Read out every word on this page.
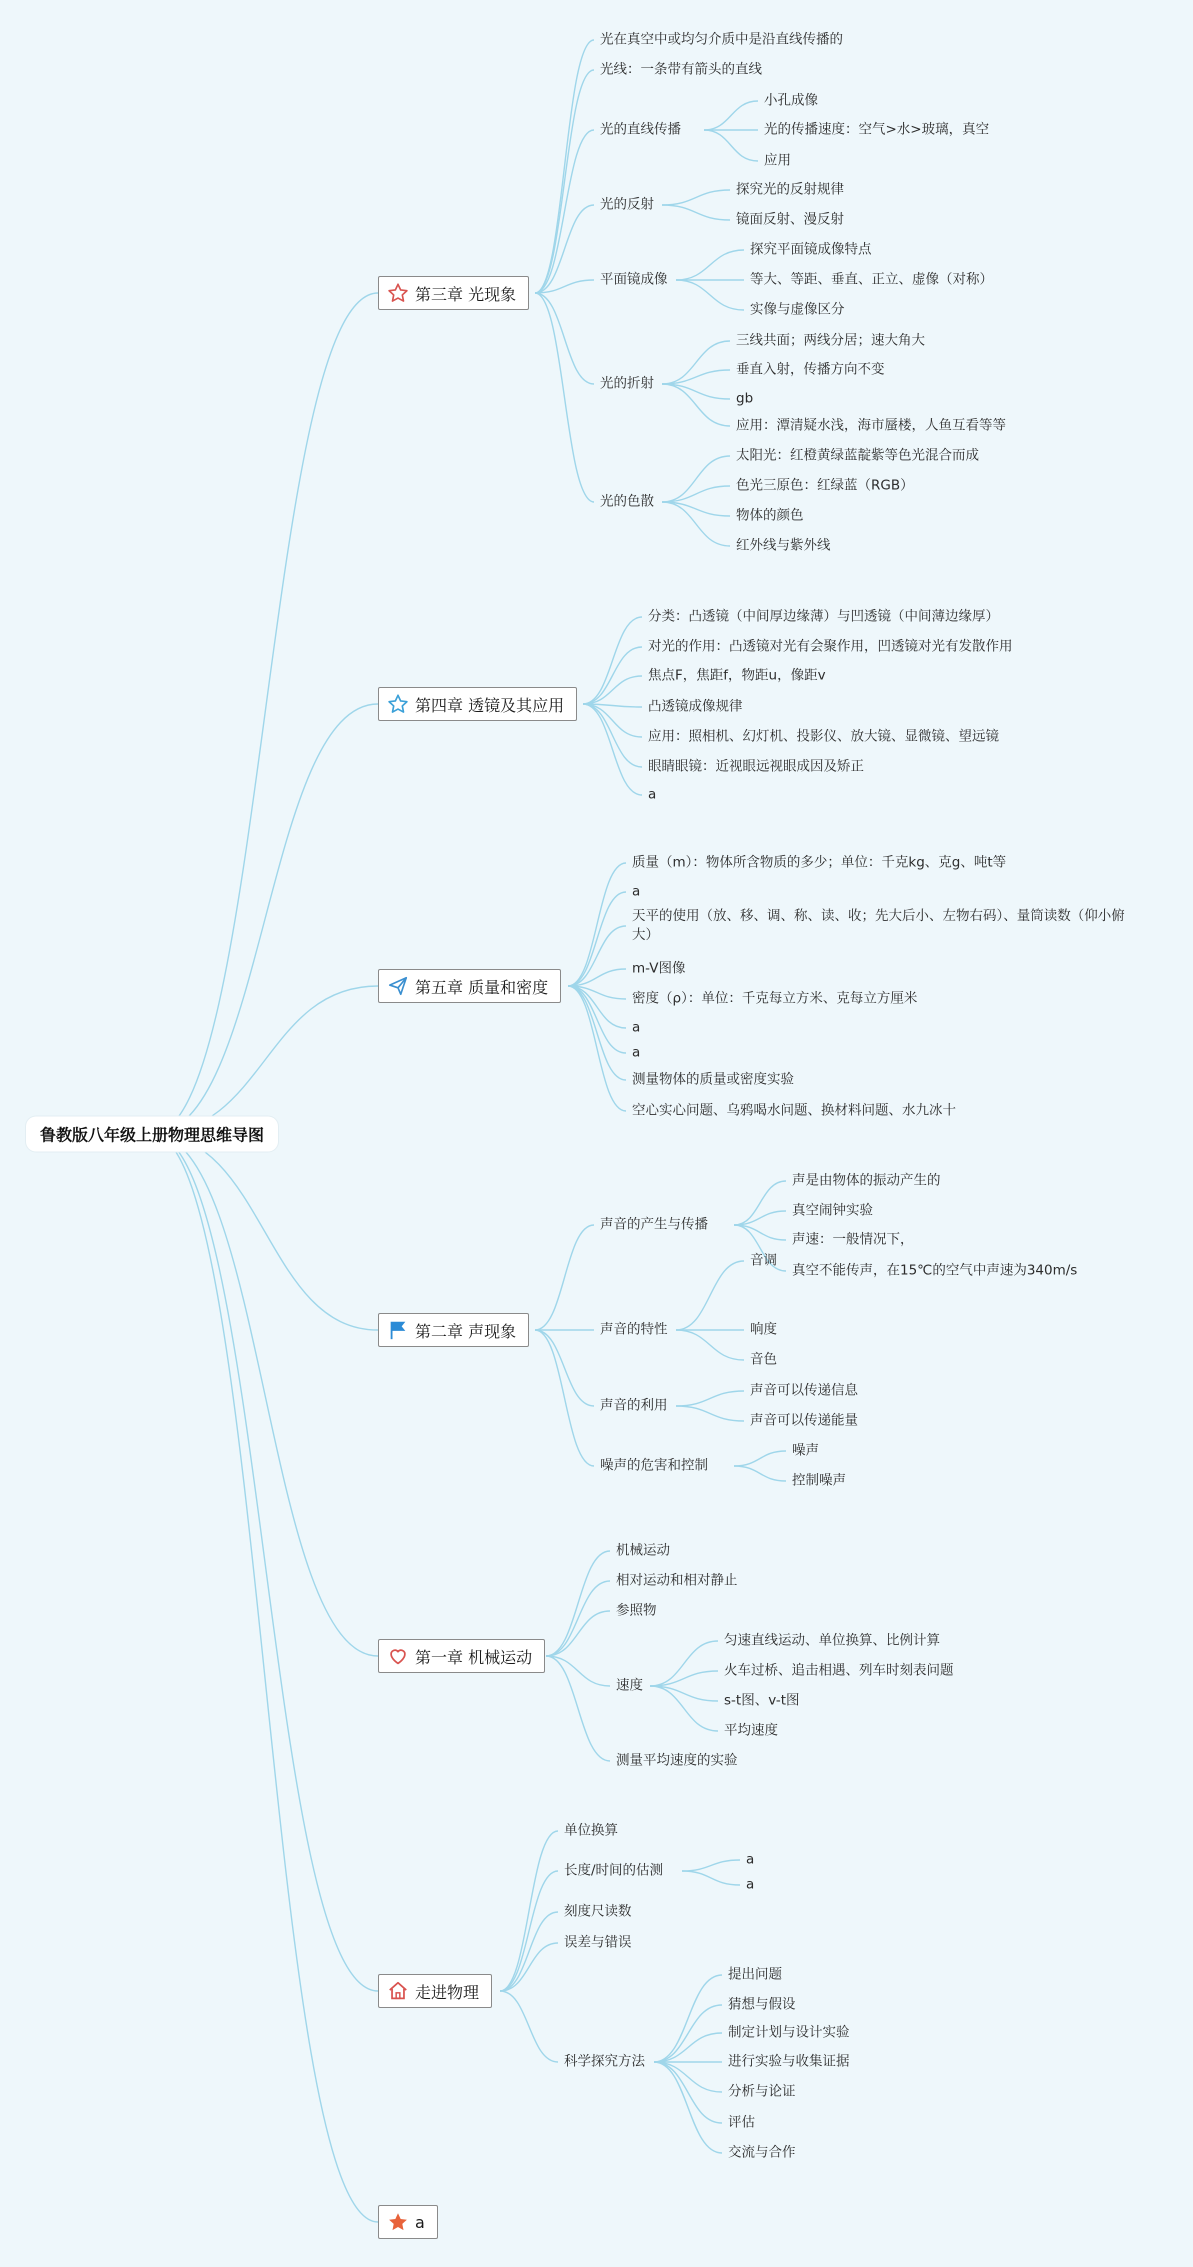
鲁教版八年级上册物理思维导图
第三章 光现象
光在真空中或均匀介质中是沿直线传播的
光线：一条带有箭头的直线
光的直线传播
小孔成像
光的传播速度：空气>水>玻璃，真空
应用
光的反射
探究光的反射规律
镜面反射、漫反射
平面镜成像
探究平面镜成像特点
等大、等距、垂直、正立、虚像（对称）
实像与虚像区分
光的折射
三线共面；两线分居；速大角大
垂直入射，传播方向不变
gb
应用：潭清疑水浅，海市蜃楼，人鱼互看等等
光的色散
太阳光：红橙黄绿蓝靛紫等色光混合而成
色光三原色：红绿蓝（RGB）
物体的颜色
红外线与紫外线
第四章 透镜及其应用
分类：凸透镜（中间厚边缘薄）与凹透镜（中间薄边缘厚）
对光的作用：凸透镜对光有会聚作用，凹透镜对光有发散作用
焦点F，焦距f，物距u，像距v
凸透镜成像规律
应用：照相机、幻灯机、投影仪、放大镜、显微镜、望远镜
眼睛眼镜：近视眼远视眼成因及矫正
a
第五章 质量和密度
质量（m）：物体所含物质的多少；单位：千克kg、克g、吨t等
a
天平的使用（放、移、调、称、读、收；先大后小、左物右码）、量筒读数（仰小俯大）
m-V图像
密度（ρ）：单位：千克每立方米、克每立方厘米
a
a
测量物体的质量或密度实验
空心实心问题、乌鸦喝水问题、换材料问题、水九冰十
第二章 声现象
声音的产生与传播
声是由物体的振动产生的
真空闹钟实验
声速：一般情况下，
真空不能传声，在15℃的空气中声速为340m/s
声音的特性
音调
响度
音色
声音的利用
声音可以传递信息
声音可以传递能量
噪声的危害和控制
噪声
控制噪声
第一章 机械运动
机械运动
相对运动和相对静止
参照物
速度
匀速直线运动、单位换算、比例计算
火车过桥、追击相遇、列车时刻表问题
s-t图、v-t图
平均速度
测量平均速度的实验
走进物理
单位换算
长度/时间的估测
a
a
刻度尺读数
误差与错误
科学探究方法
提出问题
猜想与假设
制定计划与设计实验
进行实验与收集证据
分析与论证
评估
交流与合作
a
